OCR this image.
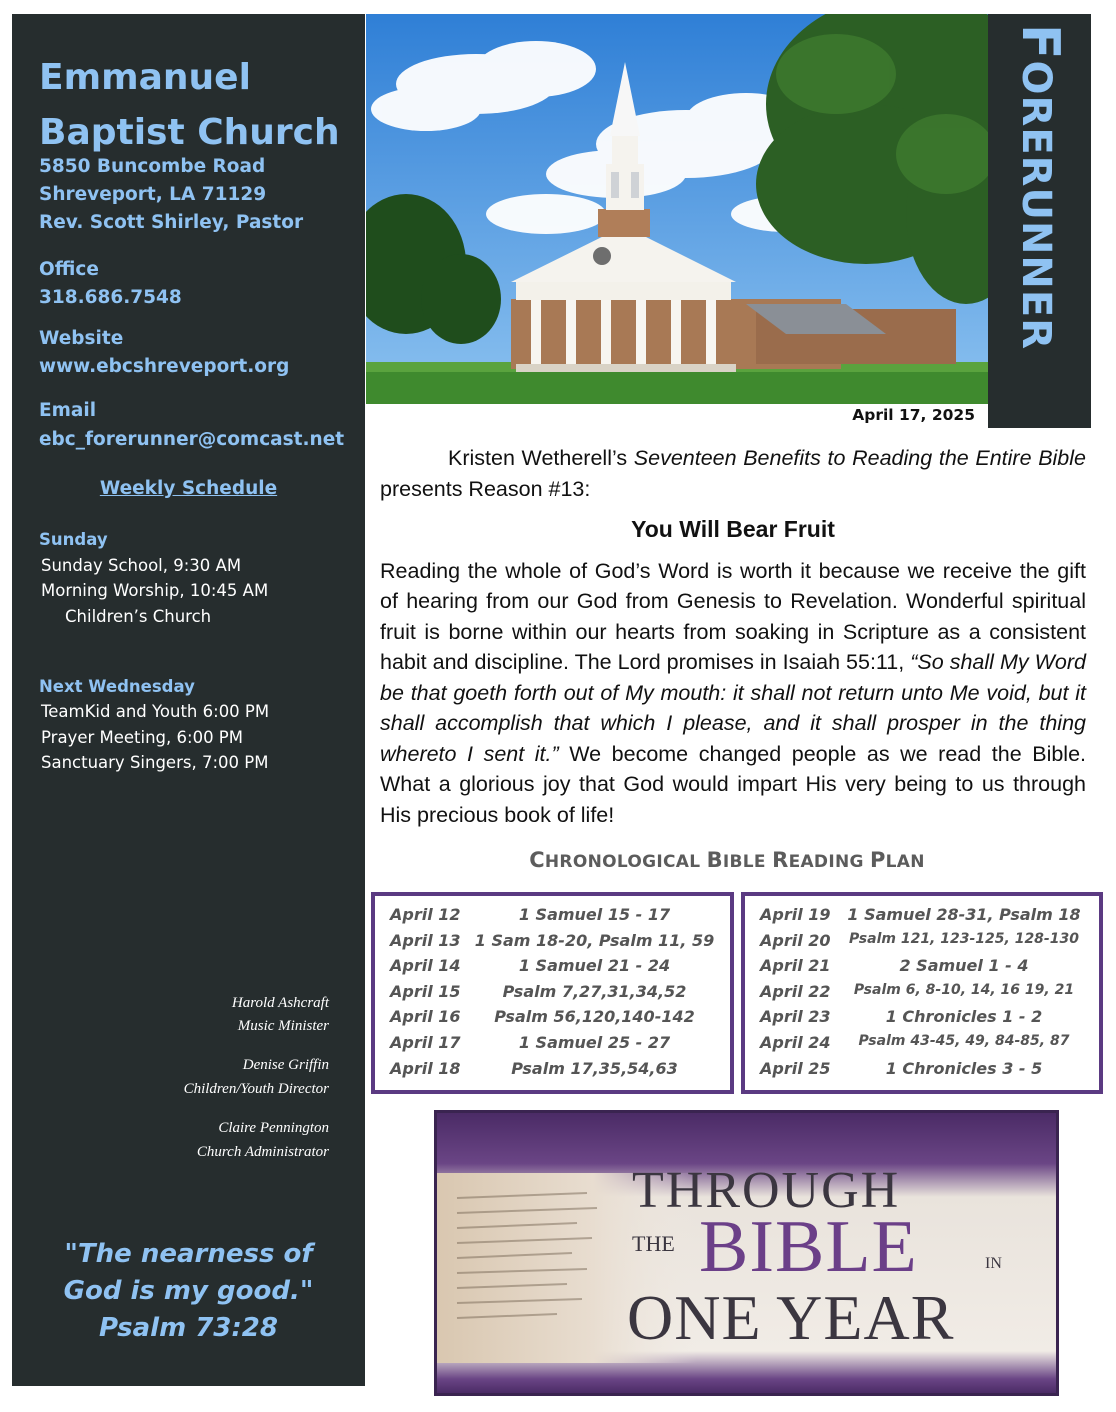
Emmanuel
Baptist Church
5850 Buncombe Road
Shreveport, LA 71129
Rev. Scott Shirley, Pastor
Office
318.686.7548
Website
www.ebcshreveport.org
Email
ebc_forerunner@comcast.net
Weekly Schedule
Sunday
Sunday School, 9:30 AM
Morning Worship, 10:45 AM
Children’s Church
Next Wednesday
TeamKid and Youth 6:00 PM
Prayer Meeting, 6:00 PM
Sanctuary Singers, 7:00 PM
Harold Ashcraft
Music Minister
Denise Griffin
Children/Youth Director
Claire Pennington
Church Administrator
"The nearness of
God is my good."
Psalm 73:28
FORERUNNER
April 17, 2025

Kristen Wetherell’s Seventeen Benefits to Reading the Entire Bible presents Reason #13:

You Will Bear Fruit

Reading the whole of God’s Word is worth it because we receive the gift of hearing from our God from Genesis to Revelation. Wonderful spiritual fruit is borne within our hearts from soaking in Scripture as a consistent habit and discipline. The Lord promises in Isaiah 55:11, “So shall My Word be that goeth forth out of My mouth: it shall not return unto Me void, but it shall accomplish that which I please, and it shall prosper in the thing whereto I sent it.” We become changed people as we read the Bible. What a glorious joy that God would impart His very being to us through His precious book of life!

CHRONOLOGICAL BIBLE READING PLAN
April 12	1 Samuel 15 - 17
April 13 1 Sam 18-20, Psalm 11, 59
April 14	1 Samuel 21 - 24
April 15	Psalm 7,27,31,34,52
April 16	Psalm 56,120,140-142
April 17	1 Samuel 25 - 27
April 18	Psalm 17,35,54,63
April 19	1 Samuel 28-31, Psalm 18
April 20	Psalm 121, 123-125, 128-130
April 21	2 Samuel 1 - 4
April 22	Psalm 6, 8-10, 14, 16 19, 21
April 23	1 Chronicles 1 - 2
April 24	Psalm 43-45, 49, 84-85, 87
April 25	1 Chronicles 3 - 5
THROUGH
THE BIBLE	IN
ONE YEAR
